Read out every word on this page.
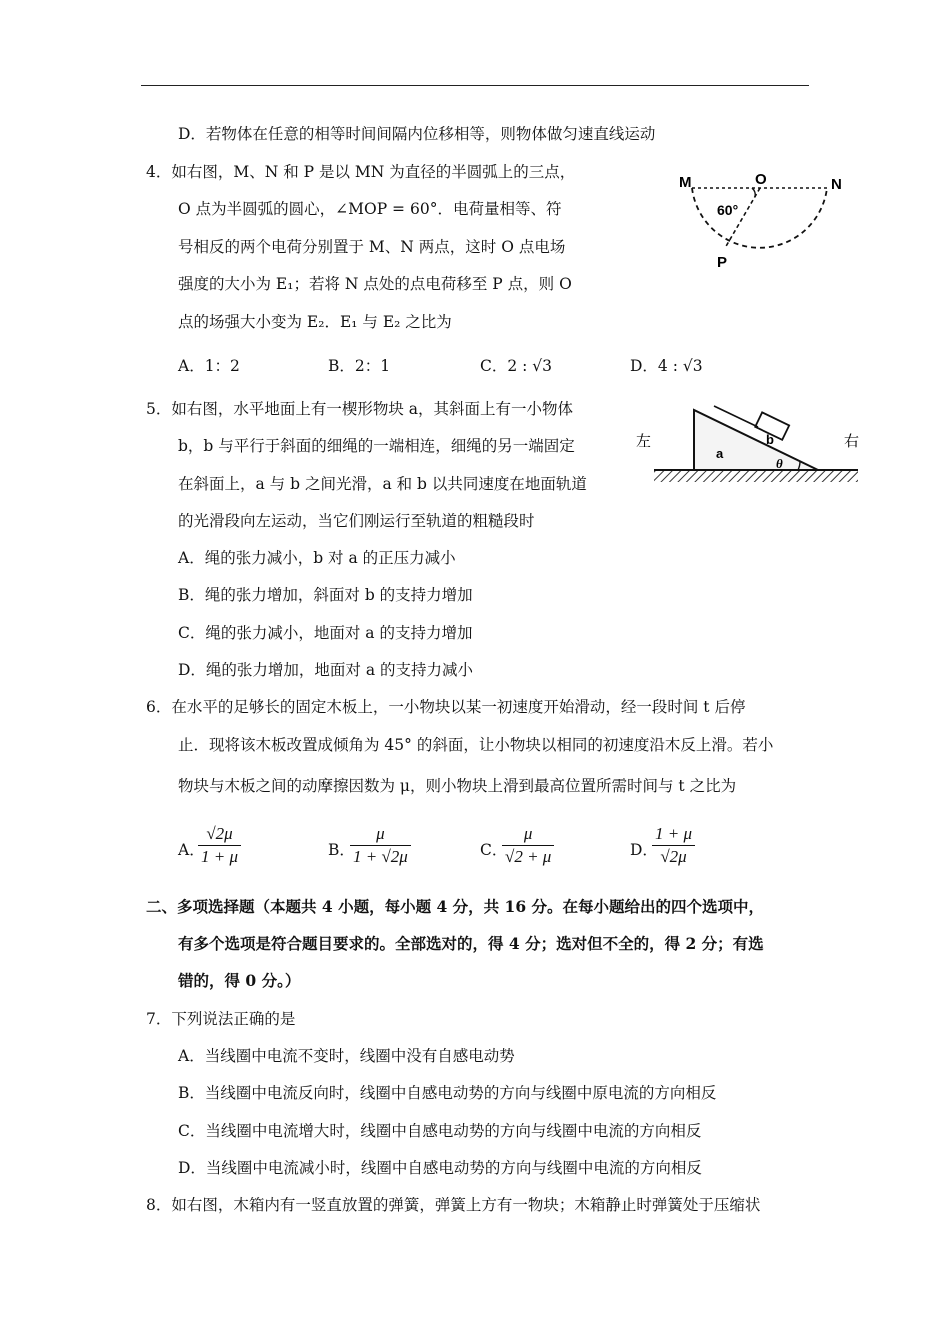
D．若物体在任意的相等时间间隔内位移相等，则物体做匀速直线运动
4．如右图，M、N 和 P 是以 MN 为直径的半圆弧上的三点，
O 点为半圆弧的圆心，∠MOP = 60°．电荷量相等、符
号相反的两个电荷分别置于 M、N 两点，这时 O 点电场
强度的大小为 E₁；若将 N 点处的点电荷移至 P 点，则 O
点的场强大小变为 E₂．E₁ 与 E₂ 之比为
A．1：2	B．2：1	C．2 : √3	D．4 : √3
M	O	N
P
60°
5．如右图，水平地面上有一楔形物块 a，其斜面上有一小物体
b，b 与平行于斜面的细绳的一端相连，细绳的另一端固定
在斜面上，a 与 b 之间光滑，a 和 b 以共同速度在地面轨道
的光滑段向左运动，当它们刚运行至轨道的粗糙段时
A．绳的张力减小，b 对 a 的正压力减小
B．绳的张力增加，斜面对 b 的支持力增加
C．绳的张力减小，地面对 a 的支持力增加
D．绳的张力增加，地面对 a 的支持力减小
左	右
a
b
θ
6．在水平的足够长的固定木板上，一小物块以某一初速度开始滑动，经一段时间 t 后停
止．现将该木板改置成倾角为 45° 的斜面，让小物块以相同的初速度沿木反上滑。若小
物块与木板之间的动摩擦因数为 μ，则小物块上滑到最高位置所需时间与 t 之比为
A．
√2μ
1 + μ	B．
μ
1 + √2μ	C．
μ
√2 + μ	D．
1 + μ
√2μ
二、多项选择题（本题共 4 小题，每小题 4 分，共 16 分。在每小题给出的四个选项中，
有多个选项是符合题目要求的。全部选对的，得 4 分；选对但不全的，得 2 分；有选
错的，得 0 分。）
7．下列说法正确的是
A．当线圈中电流不变时，线圈中没有自感电动势
B．当线圈中电流反向时，线圈中自感电动势的方向与线圈中原电流的方向相反
C．当线圈中电流增大时，线圈中自感电动势的方向与线圈中电流的方向相反
D．当线圈中电流减小时，线圈中自感电动势的方向与线圈中电流的方向相反
8．如右图，木箱内有一竖直放置的弹簧，弹簧上方有一物块；木箱静止时弹簧处于压缩状
